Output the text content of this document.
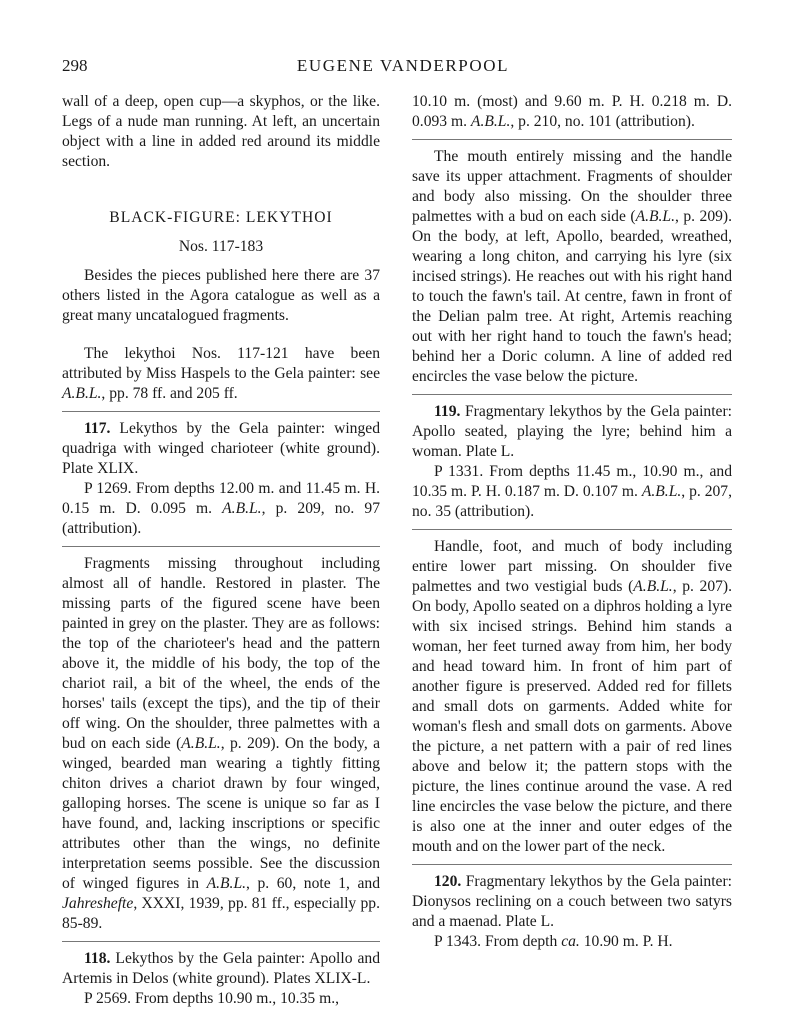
298	EUGENE VANDERPOOL

wall of a deep, open cup—a skyphos, or the like. Legs of a nude man running. At left, an uncertain object with a line in added red around its middle section.

BLACK-FIGURE: LEKYTHOI

Nos. 117-183

Besides the pieces published here there are 37 others listed in the Agora catalogue as well as a great many uncatalogued fragments.

The lekythoi Nos. 117-121 have been attributed by Miss Haspels to the Gela painter: see A.B.L., pp. 78 ff. and 205 ff.

117. Lekythos by the Gela painter: winged quadriga with winged charioteer (white ground). Plate XLIX.

P 1269. From depths 12.00 m. and 11.45 m. H. 0.15 m. D. 0.095 m. A.B.L., p. 209, no. 97 (attribution).

Fragments missing throughout including almost all of handle. Restored in plaster. The missing parts of the figured scene have been painted in grey on the plaster. They are as follows: the top of the charioteer's head and the pattern above it, the middle of his body, the top of the chariot rail, a bit of the wheel, the ends of the horses' tails (except the tips), and the tip of their off wing. On the shoulder, three palmettes with a bud on each side (A.B.L., p. 209). On the body, a winged, bearded man wearing a tightly fitting chiton drives a chariot drawn by four winged, galloping horses. The scene is unique so far as I have found, and, lacking inscriptions or specific attributes other than the wings, no definite interpretation seems possible. See the discussion of winged figures in A.B.L., p. 60, note 1, and Jahreshefte, XXXI, 1939, pp. 81 ff., especially pp. 85-89.

118. Lekythos by the Gela painter: Apollo and Artemis in Delos (white ground). Plates XLIX-L.

P 2569. From depths 10.90 m., 10.35 m.,

10.10 m. (most) and 9.60 m. P. H. 0.218 m. D. 0.093 m. A.B.L., p. 210, no. 101 (attribution).

The mouth entirely missing and the handle save its upper attachment. Fragments of shoulder and body also missing. On the shoulder three palmettes with a bud on each side (A.B.L., p. 209). On the body, at left, Apollo, bearded, wreathed, wearing a long chiton, and carrying his lyre (six incised strings). He reaches out with his right hand to touch the fawn's tail. At centre, fawn in front of the Delian palm tree. At right, Artemis reaching out with her right hand to touch the fawn's head; behind her a Doric column. A line of added red encircles the vase below the picture.

119. Fragmentary lekythos by the Gela painter: Apollo seated, playing the lyre; behind him a woman. Plate L.

P 1331. From depths 11.45 m., 10.90 m., and 10.35 m. P. H. 0.187 m. D. 0.107 m. A.B.L., p. 207, no. 35 (attribution).

Handle, foot, and much of body including entire lower part missing. On shoulder five palmettes and two vestigial buds (A.B.L., p. 207). On body, Apollo seated on a diphros holding a lyre with six incised strings. Behind him stands a woman, her feet turned away from him, her body and head toward him. In front of him part of another figure is preserved. Added red for fillets and small dots on garments. Added white for woman's flesh and small dots on garments. Above the picture, a net pattern with a pair of red lines above and below it; the pattern stops with the picture, the lines continue around the vase. A red line encircles the vase below the picture, and there is also one at the inner and outer edges of the mouth and on the lower part of the neck.

120. Fragmentary lekythos by the Gela painter: Dionysos reclining on a couch between two satyrs and a maenad. Plate L.

P 1343. From depth ca. 10.90 m. P. H.
